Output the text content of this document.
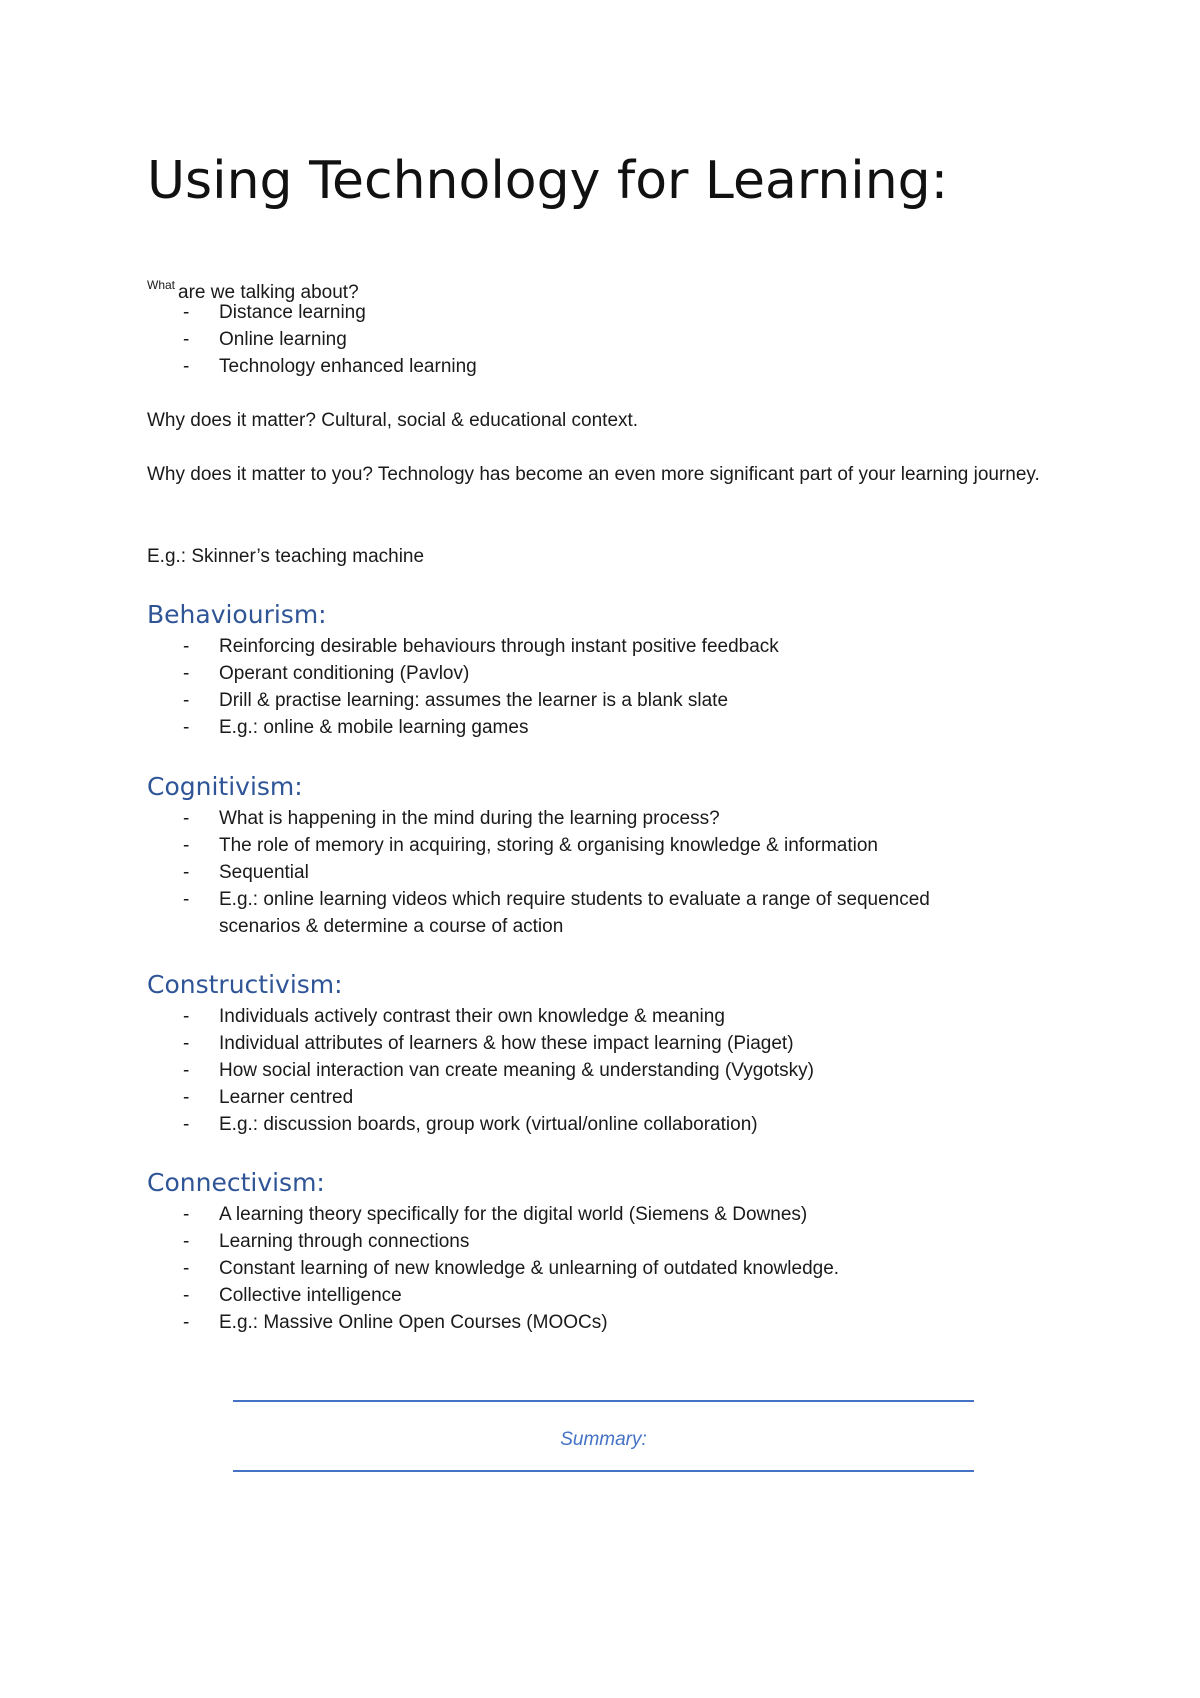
Using Technology for Learning:

$^{What}$ are we talking about?

- Distance learning
- Online learning
- Technology enhanced learning

Why does it matter? Cultural, social & educational context.

Why does it matter to you? Technology has become an even more significant part of your learning journey.

E.g.: Skinner’s teaching machine

Behaviourism:
- Reinforcing desirable behaviours through instant positive feedback
- Operant conditioning (Pavlov)
- Drill & practise learning: assumes the learner is a blank slate
- E.g.: online & mobile learning games
Cognitivism:
- What is happening in the mind during the learning process?
- The role of memory in acquiring, storing & organising knowledge & information
- Sequential
- E.g.: online learning videos which require students to evaluate a range of sequenced scenarios & determine a course of action
Constructivism:
- Individuals actively contrast their own knowledge & meaning
- Individual attributes of learners & how these impact learning (Piaget)
- How social interaction van create meaning & understanding (Vygotsky)
- Learner centred
- E.g.: discussion boards, group work (virtual/online collaboration)
Connectivism:
- A learning theory specifically for the digital world (Siemens & Downes)
- Learning through connections
- Constant learning of new knowledge & unlearning of outdated knowledge.
- Collective intelligence
- E.g.: Massive Online Open Courses (MOOCs)
Summary:
